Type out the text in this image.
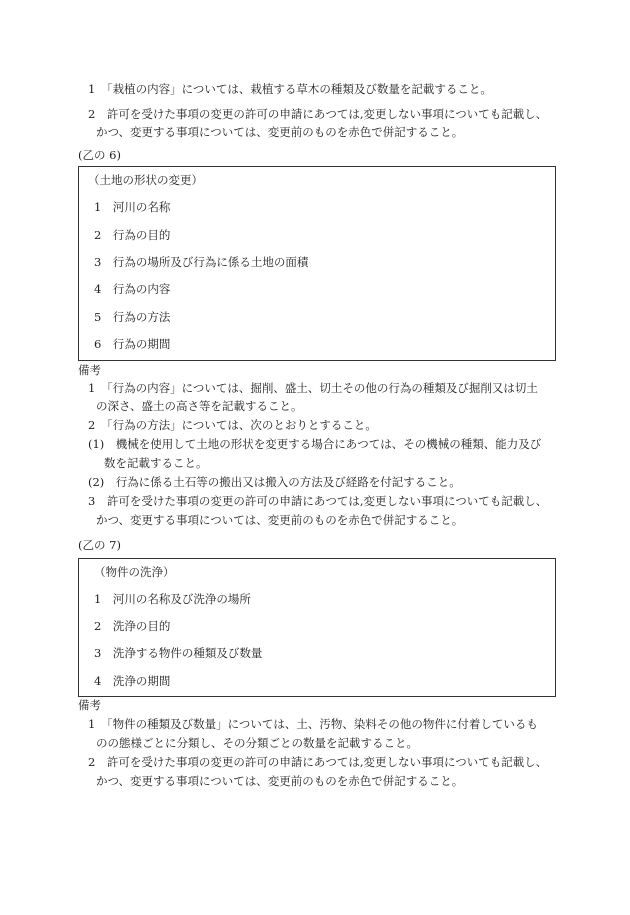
1　「栽植の内容」については、栽植する草木の種類及び数量を記載すること。
2　許可を受けた事項の変更の許可の申請にあつては,変更しない事項についても記載し、
かつ、変更する事項については、変更前のものを赤色で併記すること。
(乙の 6)
（土地の形状の変更）
1　河川の名称
2　行為の目的
3　行為の場所及び行為に係る土地の面積
4　行為の内容
5　行為の方法
6　行為の期間
備考
1　「行為の内容」については、掘削、盛土、切土その他の行為の種類及び掘削又は切土
の深さ、盛土の高さ等を記載すること。
2　「行為の方法」については、次のとおりとすること。
(1)　機械を使用して土地の形状を変更する場合にあつては、その機械の種類、能力及び
数を記載すること。
(2)　行為に係る土石等の搬出又は搬入の方法及び経路を付記すること。
3　許可を受けた事項の変更の許可の申請にあつては,変更しない事項についても記載し、
かつ、変更する事項については、変更前のものを赤色で併記すること。
(乙の 7)
（物件の洗浄）
1　河川の名称及び洗浄の場所
2　洗浄の目的
3　洗浄する物件の種類及び数量
4　洗浄の期間
備考
1　「物件の種類及び数量」については、土、汚物、染料その他の物件に付着しているも
のの態様ごとに分類し、その分類ごとの数量を記載すること。
2　許可を受けた事項の変更の許可の申請にあつては,変更しない事項についても記載し、
かつ、変更する事項については、変更前のものを赤色で併記すること。
